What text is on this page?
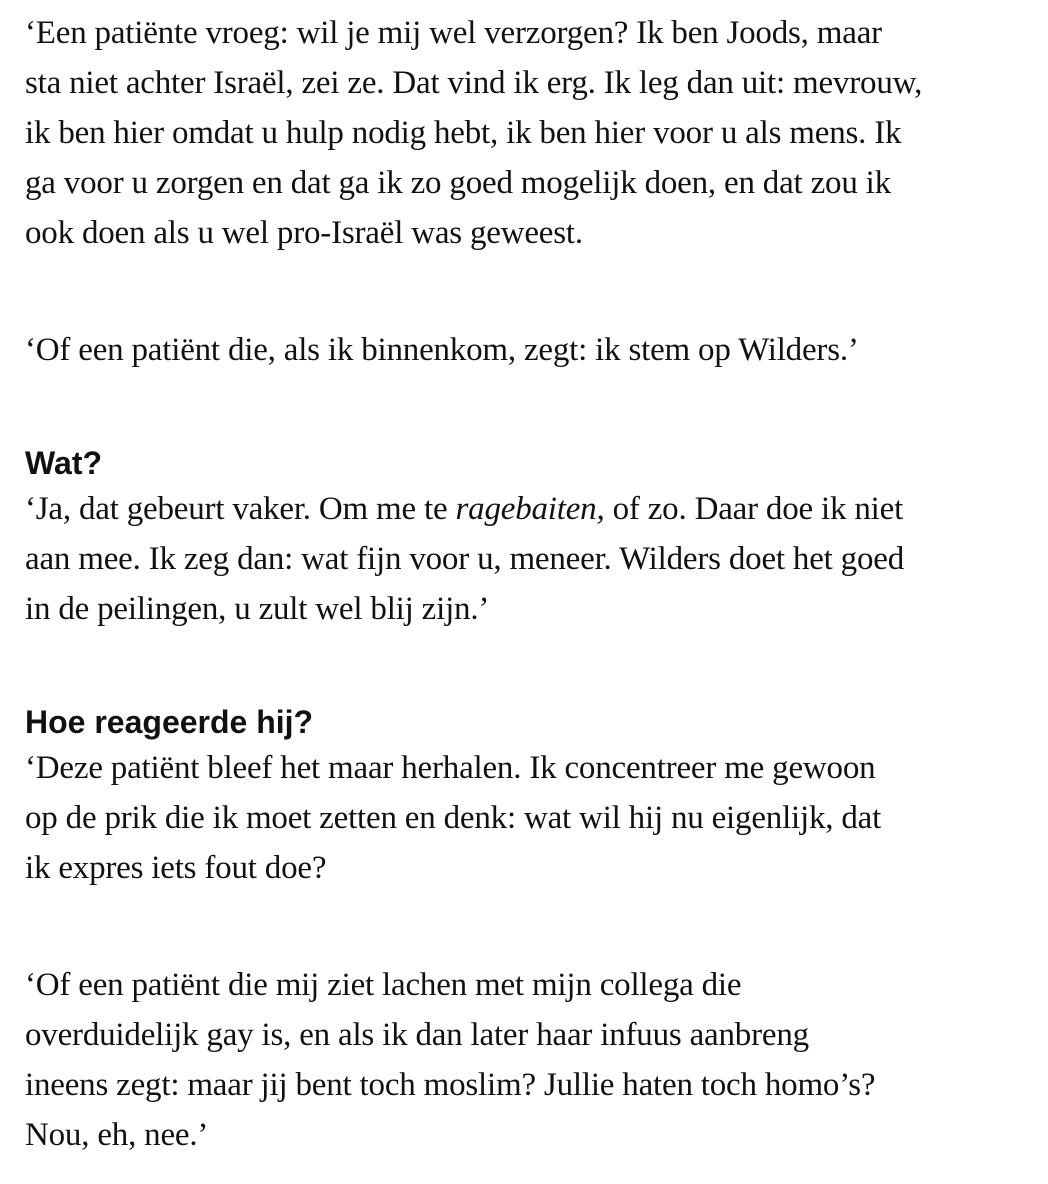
‘Een patiënte vroeg: wil je mij wel verzorgen? Ik ben Joods, maar
sta niet achter Israël, zei ze. Dat vind ik erg. Ik leg dan uit: mevrouw,
ik ben hier omdat u hulp nodig hebt, ik ben hier voor u als mens. Ik
ga voor u zorgen en dat ga ik zo goed mogelijk doen, en dat zou ik
ook doen als u wel pro-Israël was geweest.

‘Of een patiënt die, als ik binnenkom, zegt: ik stem op Wilders.’

Wat?

‘Ja, dat gebeurt vaker. Om me te ragebaiten, of zo. Daar doe ik niet
aan mee. Ik zeg dan: wat fijn voor u, meneer. Wilders doet het goed
in de peilingen, u zult wel blij zijn.’

Hoe reageerde hij?

‘Deze patiënt bleef het maar herhalen. Ik concentreer me gewoon
op de prik die ik moet zetten en denk: wat wil hij nu eigenlijk, dat
ik expres iets fout doe?

‘Of een patiënt die mij ziet lachen met mijn collega die
overduidelijk gay is, en als ik dan later haar infuus aanbreng
ineens zegt: maar jij bent toch moslim? Jullie haten toch homo’s?
Nou, eh, nee.’
